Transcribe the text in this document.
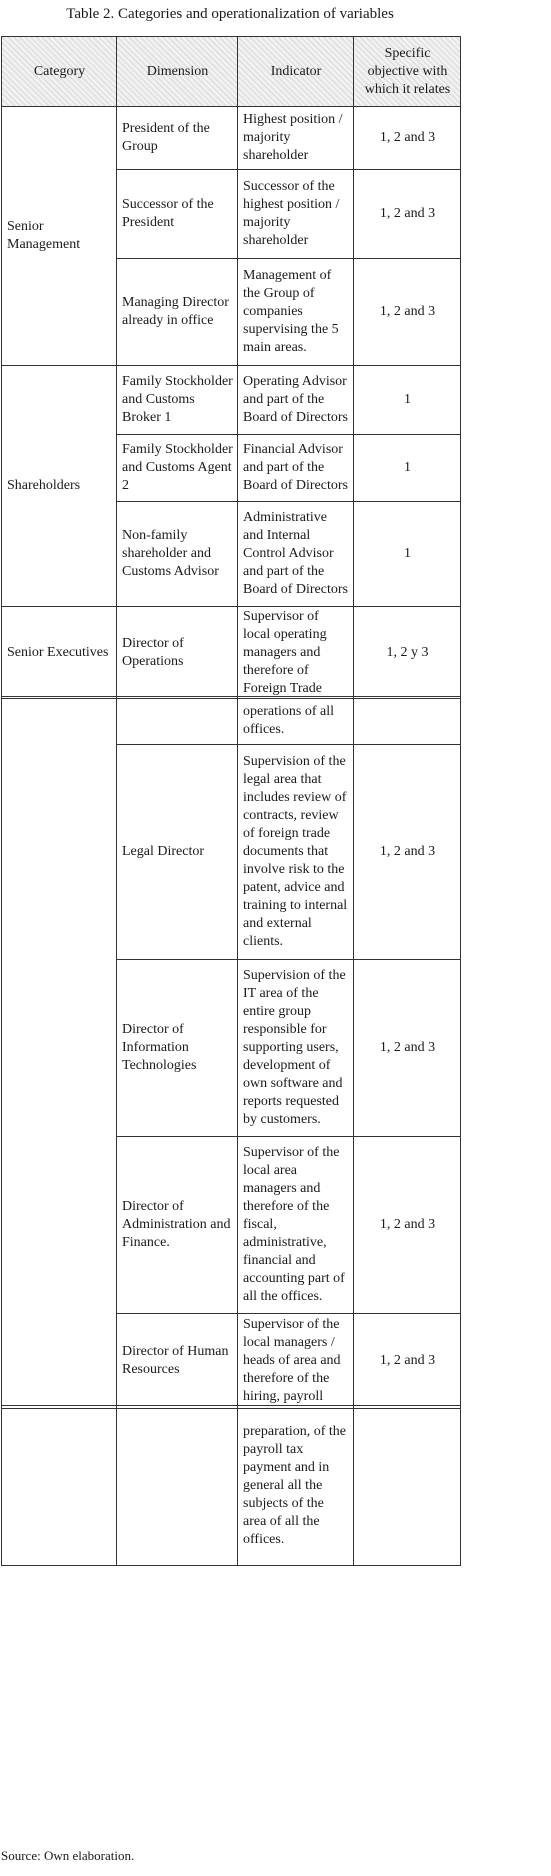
Table 2. Categories and operationalization of variables
Category	Dimension	Indicator	Specific objective with which it relates
Senior Management	President of the Group	Highest position / majority shareholder	1, 2 and 3
	Successor of the President	Successor of the highest position / majority shareholder	1, 2 and 3
	Managing Director already in office	Management of the Group of companies supervising the 5 main areas.	1, 2 and 3
Shareholders	Family Stockholder and Customs Broker 1	Operating Advisor and part of the Board of Directors	1
	Family Stockholder and Customs Agent 2	Financial Advisor and part of the Board of Directors	1
	Non-family shareholder and Customs Advisor	Administrative and Internal Control Advisor and part of the Board of Directors	1
Senior Executives	Director of Operations	Supervisor of local operating managers and therefore of Foreign Trade	1, 2 y 3
		operations of all offices.	
	Legal Director	Supervision of the legal area that includes review of contracts, review of foreign trade documents that involve risk to the patent, advice and training to internal and external clients.	1, 2 and 3
	Director of Information Technologies	Supervision of the IT area of the entire group responsible for supporting users, development of own software and reports requested by customers.	1, 2 and 3
	Director of Administration and Finance.	Supervisor of the local area managers and therefore of the fiscal, administrative, financial and accounting part of all the offices.	1, 2 and 3
	Director of Human Resources	Supervisor of the local managers / heads of area and therefore of the hiring, payroll	1, 2 and 3
		preparation, of the payroll tax payment and in general all the subjects of the area of all the offices.	
Source: Own elaboration.
